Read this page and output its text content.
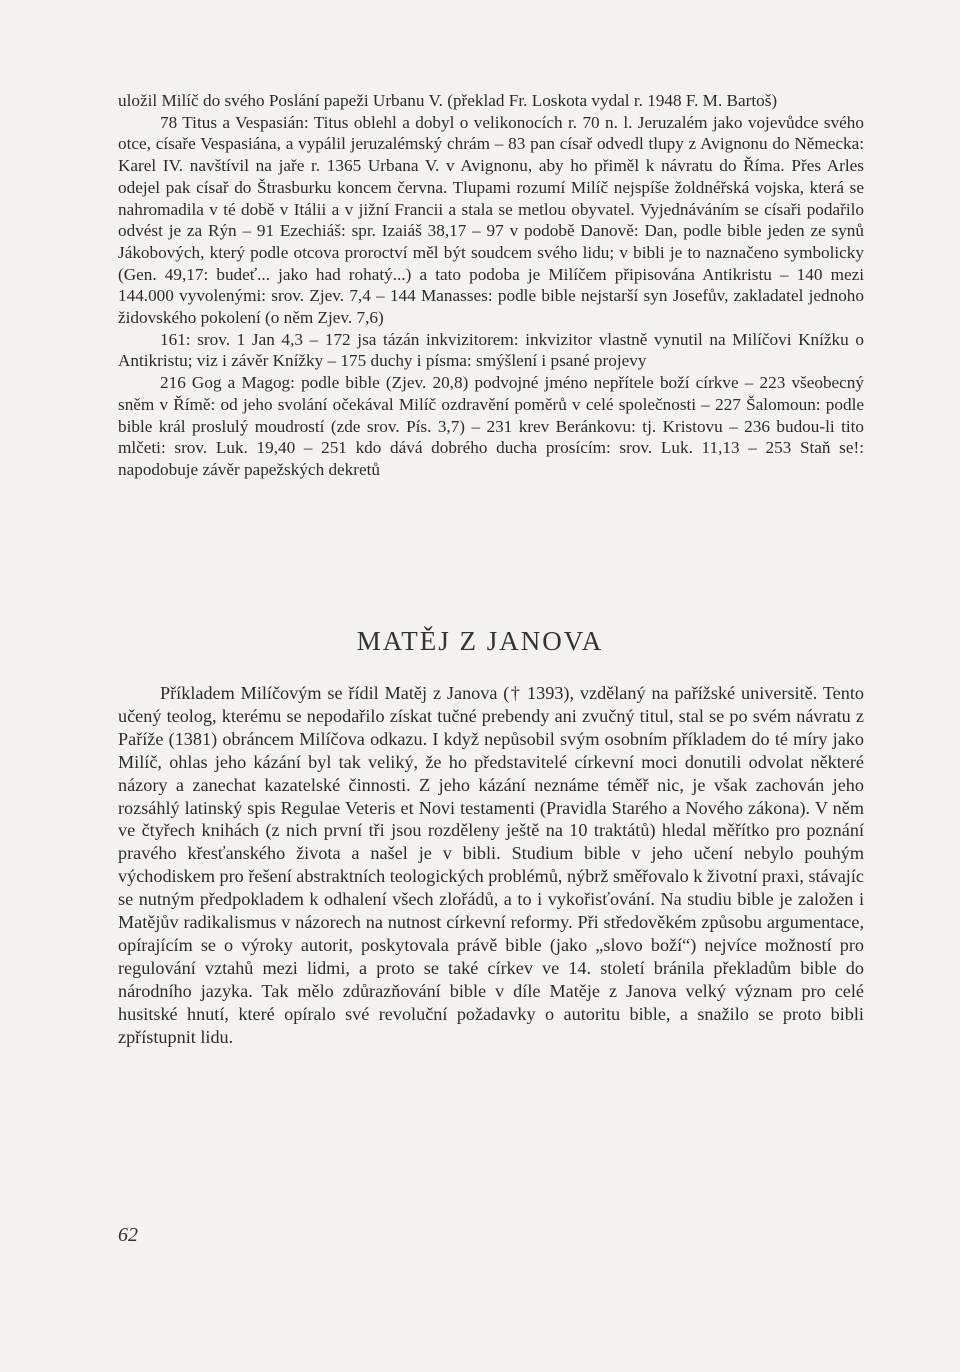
uložil Milíč do svého Poslání papeži Urbanu V. (překlad Fr. Loskota vydal r. 1948 F. M. Bartoš)

78 Titus a Vespasián: Titus oblehl a dobyl o velikonocích r. 70 n. l. Jeruzalém jako vojevůdce svého otce, císaře Vespasiána, a vypálil jeruzalémský chrám – 83 pan císař odvedl tlupy z Avignonu do Německa: Karel IV. navštívil na jaře r. 1365 Urbana V. v Avignonu, aby ho přiměl k návratu do Říma. Přes Arles odejel pak císař do Štrasburku koncem června. Tlupami rozumí Milíč nejspíše žoldnéřská vojska, která se nahromadila v té době v Itálii a v jižní Francii a stala se metlou obyvatel. Vyjednáváním se císaři podařilo odvést je za Rýn – 91 Ezechiáš: spr. Izaiáš 38,17 – 97 v podobě Danově: Dan, podle bible jeden ze synů Jákobových, který podle otcova proroctví měl být soudcem svého lidu; v bibli je to naznačeno symbolicky (Gen. 49,17: budeť... jako had rohatý...) a tato podoba je Milíčem připisována Antikristu – 140 mezi 144.000 vyvolenými: srov. Zjev. 7,4 – 144 Manasses: podle bible nejstarší syn Josefův, zakladatel jednoho židovského pokolení (o něm Zjev. 7,6)

161: srov. 1 Jan 4,3 – 172 jsa tázán inkvizitorem: inkvizitor vlastně vynutil na Milíčovi Knížku o Antikristu; viz i závěr Knížky – 175 duchy i písma: smýšlení i psané projevy

216 Gog a Magog: podle bible (Zjev. 20,8) podvojné jméno nepřítele boží církve – 223 všeobecný sněm v Římě: od jeho svolání očekával Milíč ozdravění poměrů v celé společnosti – 227 Šalomoun: podle bible král proslulý moudrostí (zde srov. Pís. 3,7) – 231 krev Beránkovu: tj. Kristovu – 236 budou-li tito mlčeti: srov. Luk. 19,40 – 251 kdo dává dobrého ducha prosícím: srov. Luk. 11,13 – 253 Staň se!: napodobuje závěr papežských dekretů

MATĚJ Z JANOVA

Příkladem Milíčovým se řídil Matěj z Janova († 1393), vzdělaný na pařížské universitě. Tento učený teolog, kterému se nepodařilo získat tučné prebendy ani zvučný titul, stal se po svém návratu z Paříže (1381) obráncem Milíčova odkazu. I když nepůsobil svým osobním příkladem do té míry jako Milíč, ohlas jeho kázání byl tak veliký, že ho představitelé církevní moci donutili odvolat některé názory a zanechat kazatelské činnosti. Z jeho kázání neznáme téměř nic, je však zachován jeho rozsáhlý latinský spis Regulae Veteris et Novi testamenti (Pravidla Starého a Nového zákona). V něm ve čtyřech knihách (z nich první tři jsou rozděleny ještě na 10 traktátů) hledal měřítko pro poznání pravého křesťanského života a našel je v bibli. Studium bible v jeho učení nebylo pouhým východiskem pro řešení abstraktních teologických problémů, nýbrž směřovalo k životní praxi, stávajíc se nutným předpokladem k odhalení všech zlořádů, a to i vykořisťování. Na studiu bible je založen i Matějův radikalismus v názorech na nutnost církevní reformy. Při středověkém způsobu argumentace, opírajícím se o výroky autorit, poskytovala právě bible (jako „slovo boží“) nejvíce možností pro regulování vztahů mezi lidmi, a proto se také církev ve 14. století bránila překladům bible do národního jazyka. Tak mělo zdůrazňování bible v díle Matěje z Janova velký význam pro celé husitské hnutí, které opíralo své revoluční požadavky o autoritu bible, a snažilo se proto bibli zpřístupnit lidu.

62
